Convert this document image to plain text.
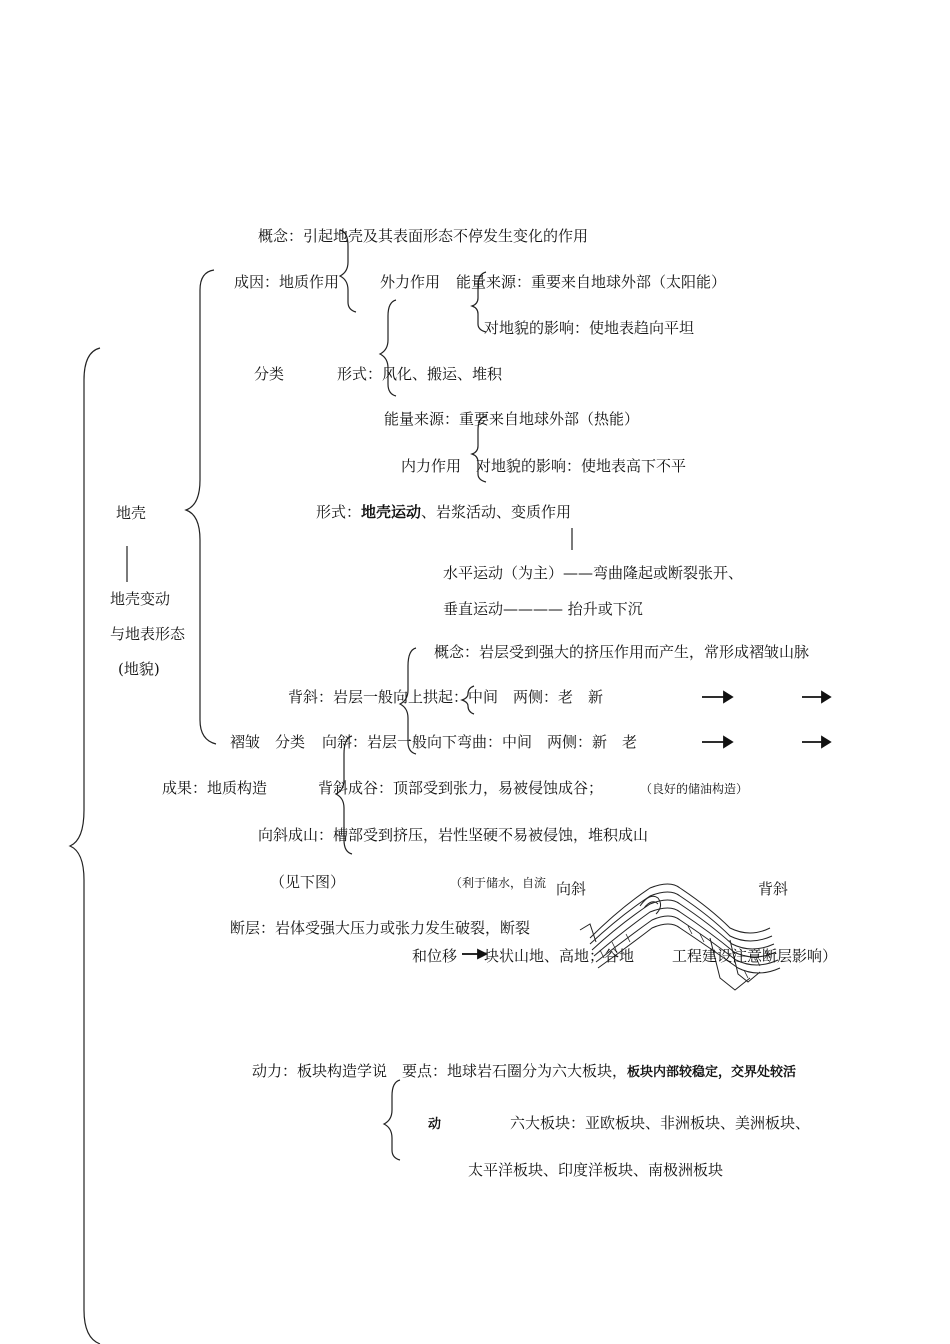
概念：引起地壳及其表面形态不停发生变化的作用
成因：地质作用	外力作用 能量来源：重要来自地球外部（太阳能）
对地貌的影响：使地表趋向平坦
分类	形式：风化、搬运、堆积
能量来源：重要来自地球外部（热能）
内力作用 对地貌的影响：使地表高下不平
形式：地壳运动、岩浆活动、变质作用
地壳
地壳变动
与地表形态
(地貌)
水平运动（为主）——弯曲隆起或断裂张开、
垂直运动———— 抬升或下沉
概念：岩层受到强大的挤压作用而产生，常形成褶皱山脉
背斜：岩层一般向上拱起：中间　两侧：老　新
褶皱　分类 向斜：岩层一般向下弯曲：中间　两侧：新　老
成果：地质构造	背斜成谷：顶部受到张力，易被侵蚀成谷；	（良好的储油构造）
向斜成山：槽部受到挤压，岩性坚硬不易被侵蚀，堆积成山
（见下图）	（利于储水，自流 向斜	背斜
断层：岩体受强大压力或张力发生破裂，断裂
和位移 块状山地、高地；谷地	工程建设注意断层影响）
动力：板块构造学说　要点：地球岩石圈分为六大板块，板块内部较稳定，交界处较活
动	六大板块：亚欧板块、非洲板块、美洲板块、
太平洋板块、印度洋板块、南极洲板块
